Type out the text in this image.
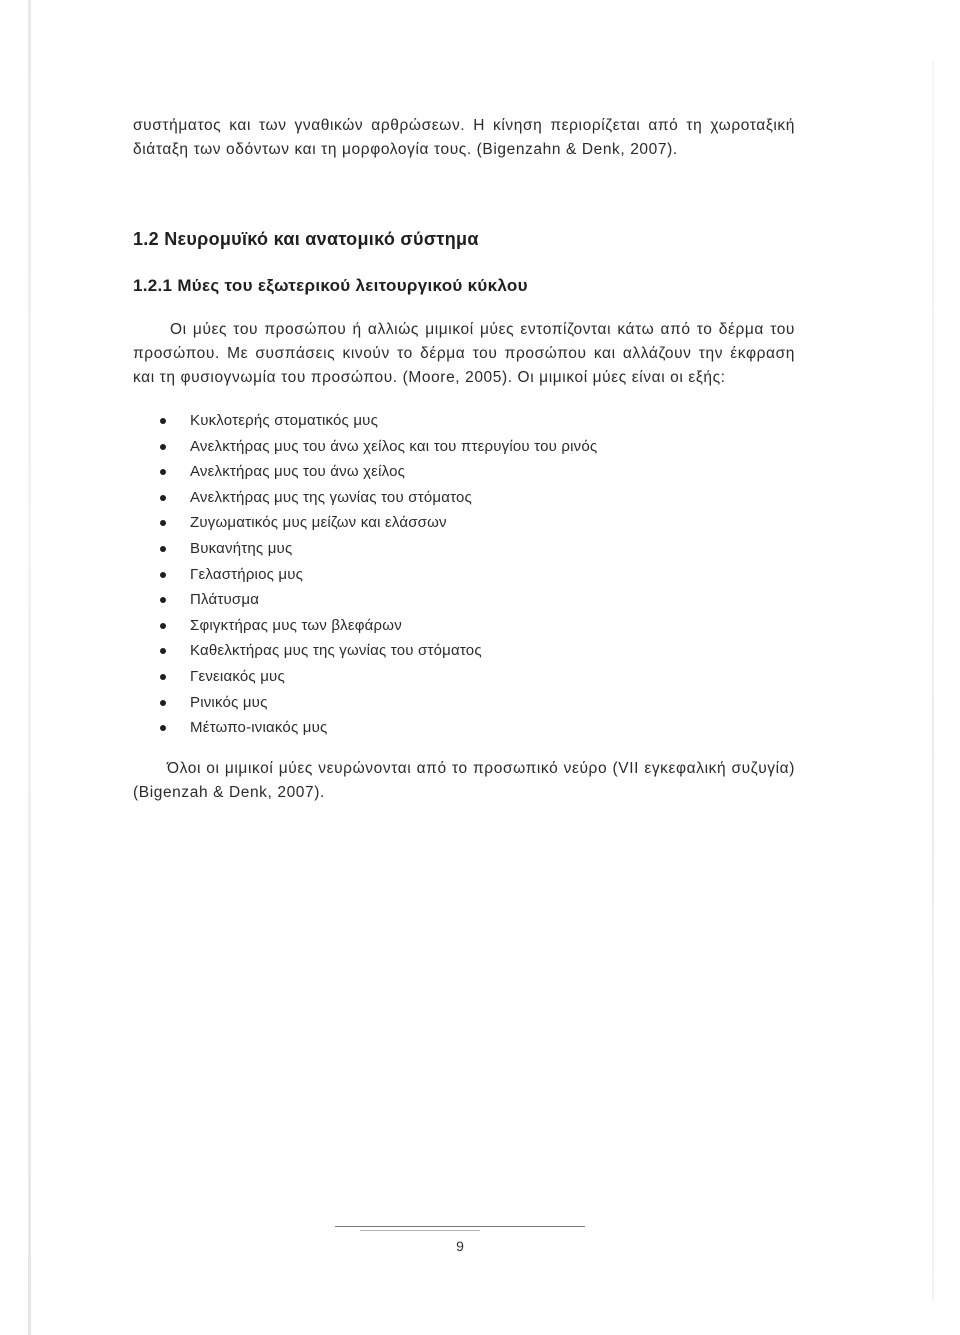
συστήματος και των γναθικών αρθρώσεων. Η κίνηση περιορίζεται από τη χωροταξική διάταξη των οδόντων και τη μορφολογία τους. (Bigenzahn & Denk, 2007).

1.2 Νευρομυϊκό και ανατομικό σύστημα
1.2.1 Μύες του εξωτερικού λειτουργικού κύκλου

Οι μύες του προσώπου ή αλλιώς μιμικοί μύες εντοπίζονται κάτω από το δέρμα του προσώπου. Με συσπάσεις κινούν το δέρμα του προσώπου και αλλάζουν την έκφραση και τη φυσιογνωμία του προσώπου. (Moore, 2005). Οι μιμικοί μύες είναι οι εξής:

Κυκλοτερής στοματικός μυς
Ανελκτήρας μυς του άνω χείλος και του πτερυγίου του ρινός
Ανελκτήρας μυς του άνω χείλος
Ανελκτήρας μυς της γωνίας του στόματος
Ζυγωματικός μυς μείζων και ελάσσων
Βυκανήτης μυς
Γελαστήριος μυς
Πλάτυσμα
Σφιγκτήρας μυς των βλεφάρων
Καθελκτήρας μυς της γωνίας του στόματος
Γενειακός μυς
Ρινικός μυς
Μέτωπο-ινιακός μυς

Όλοι οι μιμικοί μύες νευρώνονται από το προσωπικό νεύρο (VII εγκεφαλική συζυγία) (Bigenzah & Denk, 2007).

9
